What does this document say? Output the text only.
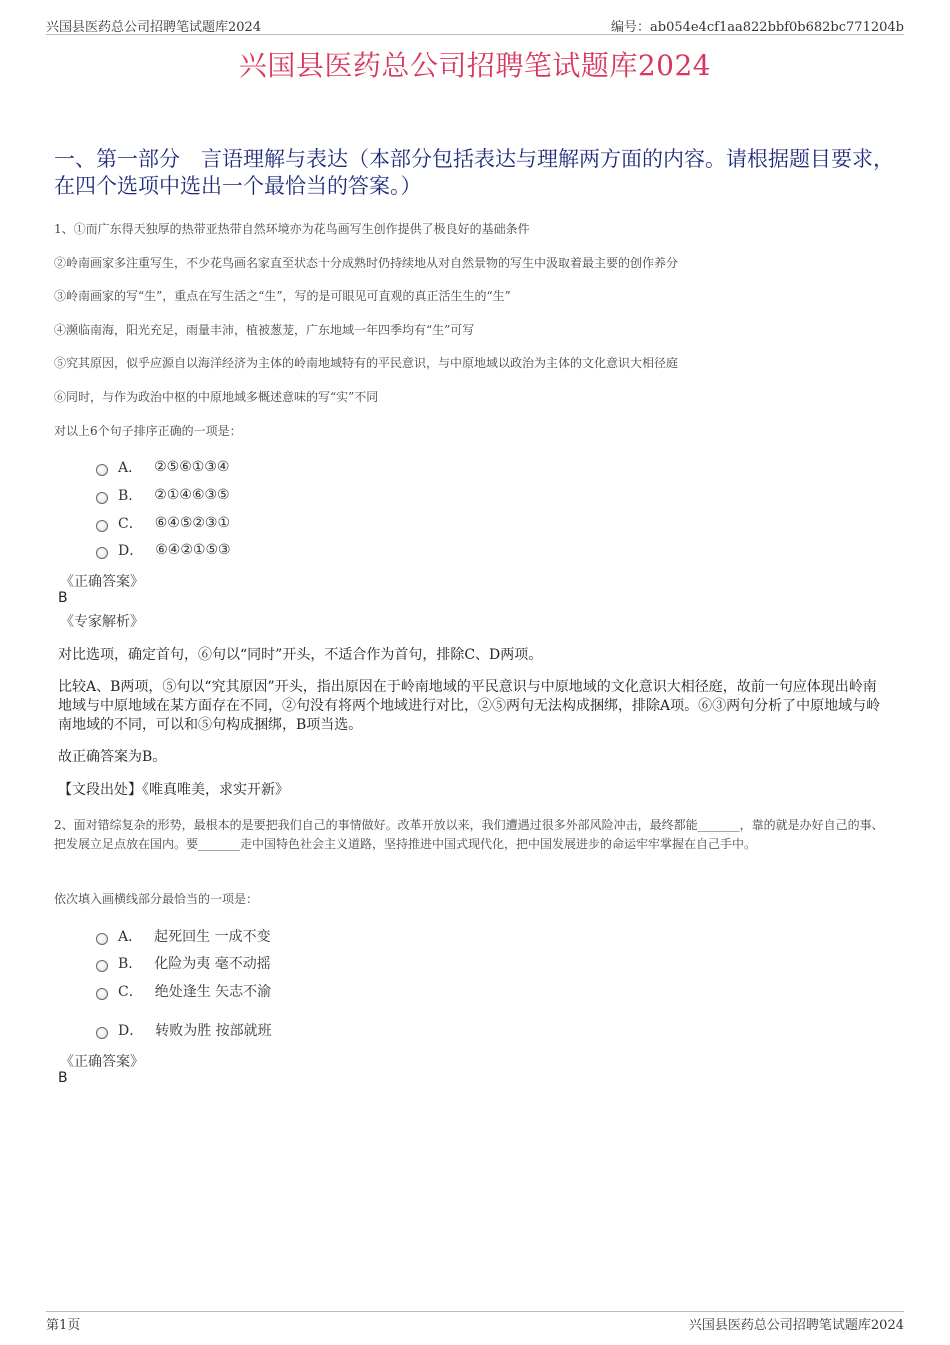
兴国县医药总公司招聘笔试题库2024	编号：ab054e4cf1aa822bbf0b682bc771204b
兴国县医药总公司招聘笔试题库2024
一、第一部分　言语理解与表达（本部分包括表达与理解两方面的内容。请根据题目要求，在四个选项中选出一个最恰当的答案。）
1、①而广东得天独厚的热带亚热带自然环境亦为花鸟画写生创作提供了极良好的基础条件
②岭南画家多注重写生，不少花鸟画名家直至状态十分成熟时仍持续地从对自然景物的写生中汲取着最主要的创作养分
③岭南画家的写“生”，重点在写生活之“生”，写的是可眼见可直观的真正活生生的“生”
④濒临南海，阳光充足，雨量丰沛，植被葱茏，广东地域一年四季均有“生”可写
⑤究其原因，似乎应源自以海洋经济为主体的岭南地域特有的平民意识，与中原地域以政治为主体的文化意识大相径庭
⑥同时，与作为政治中枢的中原地域多概述意味的写“实”不同
对以上6个句子排序正确的一项是：
A． ②⑤⑥①③④
B． ②①④⑥③⑤
C． ⑥④⑤②③①
D． ⑥④②①⑤③
《正确答案》
B
《专家解析》
对比选项，确定首句，⑥句以“同时”开头，不适合作为首句，排除C、D两项。
比较A、B两项，⑤句以“究其原因”开头，指出原因在于岭南地域的平民意识与中原地域的文化意识大相径庭，故前一句应体现出岭南地域与中原地域在某方面存在不同，②句没有将两个地域进行对比，②⑤两句无法构成捆绑，排除A项。⑥③两句分析了中原地域与岭南地域的不同，可以和⑤句构成捆绑，B项当选。
故正确答案为B。
【文段出处】《唯真唯美，求实开新》
2、面对错综复杂的形势，最根本的是要把我们自己的事情做好。改革开放以来，我们遭遇过很多外部风险冲击，最终都能_______，靠的就是办好自己的事、把发展立足点放在国内。要_______走中国特色社会主义道路，坚持推进中国式现代化，把中国发展进步的命运牢牢掌握在自己手中。
依次填入画横线部分最恰当的一项是：
A． 起死回生 一成不变
B． 化险为夷 毫不动摇
C． 绝处逢生 矢志不渝
D． 转败为胜 按部就班
《正确答案》
B
第1页	兴国县医药总公司招聘笔试题库2024
